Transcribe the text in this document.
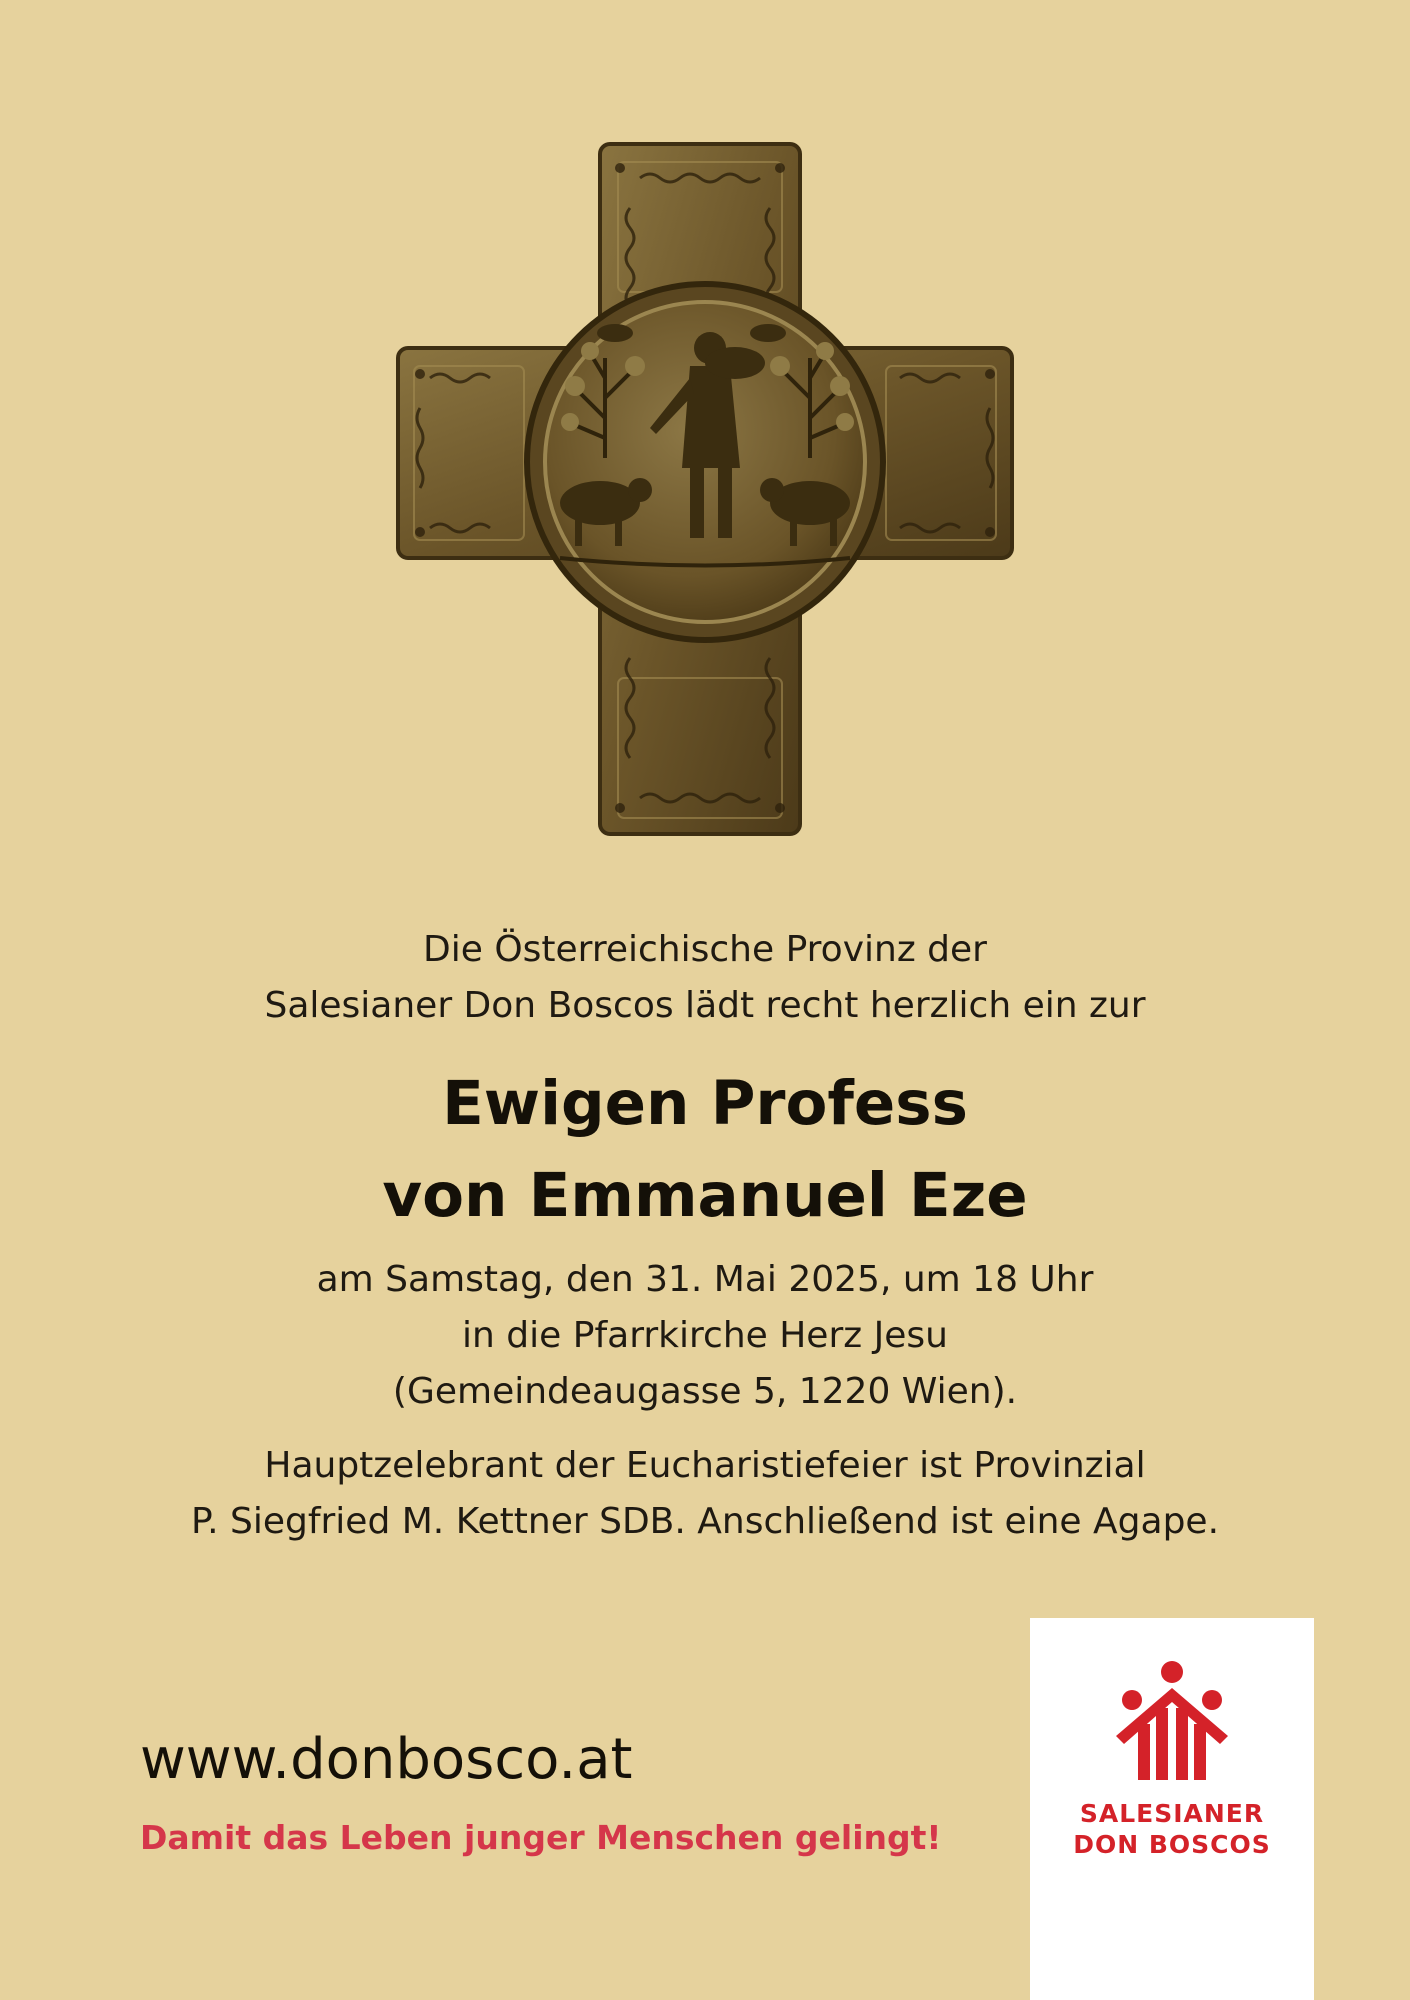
Die Österreichische Provinz der
Salesianer Don Boscos lädt recht herzlich ein zur
Ewigen Profess
von Emmanuel Eze
am Samstag, den 31. Mai 2025, um 18 Uhr
in die Pfarrkirche Herz Jesu
(Gemeindeaugasse 5, 1220 Wien).
Hauptzelebrant der Eucharistiefeier ist Provinzial
P. Siegfried M. Kettner SDB. Anschließend ist eine Agape.
www.donbosco.at
Damit das Leben junger Menschen gelingt!
SALESIANER
DON BOSCOS
